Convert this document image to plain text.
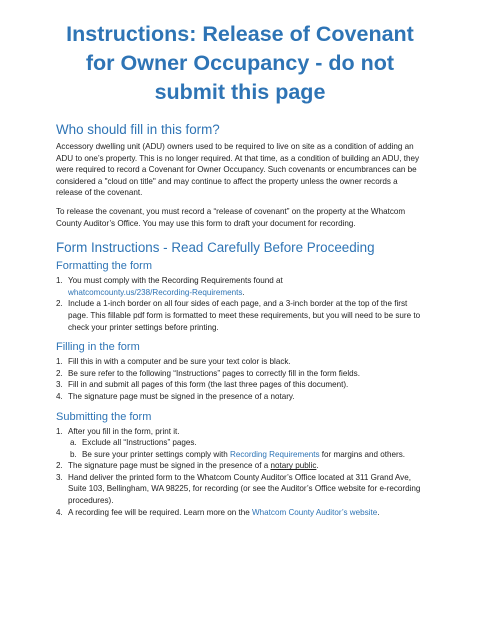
Instructions: Release of Covenant for Owner Occupancy - do not submit this page
Who should fill in this form?

Accessory dwelling unit (ADU) owners used to be required to live on site as a condition of adding an ADU to one’s property. This is no longer required. At that time, as a condition of building an ADU, they were required to record a Covenant for Owner Occupancy. Such covenants or encumbrances can be considered a "cloud on title" and may continue to affect the property unless the owner records a release of the covenant.

To release the covenant, you must record a “release of covenant” on the property at the Whatcom County Auditor’s Office. You may use this form to draft your document for recording.

Form Instructions - Read Carefully Before Proceeding
Formatting the form
1. You must comply with the Recording Requirements found at
whatcomcounty.us/238/Recording-Requirements.
2. Include a 1-inch border on all four sides of each page, and a 3-inch border at the top of the first page. This fillable pdf form is formatted to meet these requirements, but you will need to be sure to check your printer settings before printing.
Filling in the form
1. Fill this in with a computer and be sure your text color is black.
2. Be sure refer to the following “Instructions” pages to correctly fill in the form fields.
3. Fill in and submit all pages of this form (the last three pages of this document).
4. The signature page must be signed in the presence of a notary.
Submitting the form
1. After you fill in the form, print it.
a. Exclude all “Instructions” pages.
b. Be sure your printer settings comply with Recording Requirements for margins and others.
2. The signature page must be signed in the presence of a notary public.
3. Hand deliver the printed form to the Whatcom County Auditor’s Office located at 311 Grand Ave, Suite 103, Bellingham, WA 98225, for recording (or see the Auditor’s Office website for e-recording procedures).
4. A recording fee will be required. Learn more on the Whatcom County Auditor’s website.
